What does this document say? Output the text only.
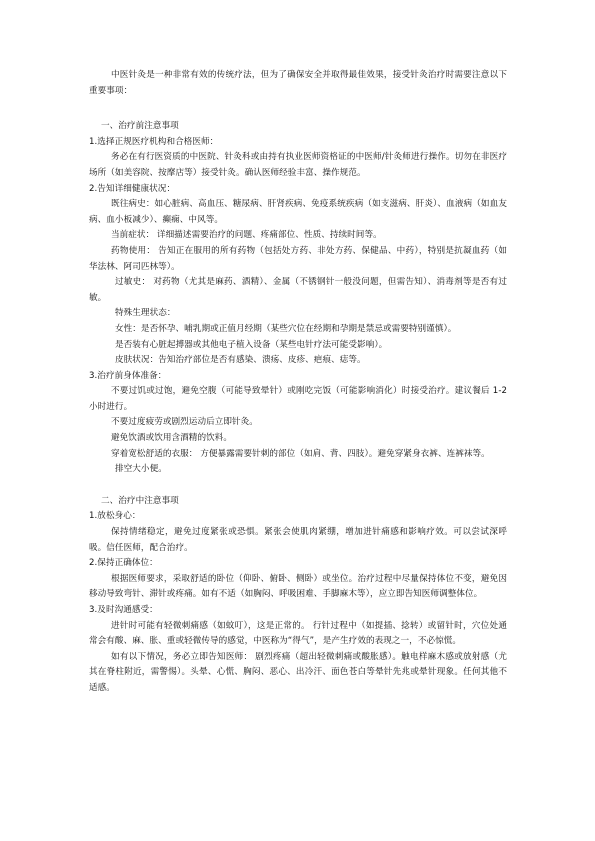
中医针灸是一种非常有效的传统疗法，但为了确保安全并取得最佳效果，接受针灸治疗时需要注意以下重要事项：

一、治疗前注意事项

1.选择正规医疗机构和合格医师：

务必在有行医资质的中医院、针灸科或由持有执业医师资格证的中医师/针灸师进行操作。切勿在非医疗场所（如美容院、按摩店等）接受针灸。确认医师经验丰富、操作规范。

2.告知详细健康状况：

既往病史：如心脏病、高血压、糖尿病、肝肾疾病、免疫系统疾病（如支滋病、肝炎）、血液病（如血友病、血小板减少）、癫痫、中风等。

当前症状： 详细描述需要治疗的问题、疼痛部位、性质、持续时间等。

药物使用： 告知正在服用的所有药物（包括处方药、非处方药、保健品、中药），特别是抗凝血药（如华法林、阿司匹林等）。

过敏史： 对药物（尤其是麻药、酒精）、金属（不锈钢针一般没问题，但需告知）、消毒剂等是否有过敏。

特殊生理状态：

女性：是否怀孕、哺乳期或正值月经期（某些穴位在经期和孕期是禁忌或需要特别谨慎）。

是否装有心脏起搏器或其他电子植入设备（某些电针疗法可能受影响）。

皮肤状况：告知治疗部位是否有感染、溃疡、皮疹、疤痕、痣等。

3.治疗前身体准备：

不要过饥或过饱，避免空腹（可能导致晕针）或刚吃完饭（可能影响消化）时接受治疗。建议餐后 1-2 小时进行。

不要过度疲劳或剧烈运动后立即针灸。

避免饮酒或饮用含酒精的饮料。

穿着宽松舒适的衣服： 方便暴露需要针刺的部位（如肩、背、四肢）。避免穿紧身衣裤、连裤袜等。

排空大小便。

二、治疗中注意事项

1.放松身心：

保持情绪稳定，避免过度紧张或恐惧。紧张会使肌肉紧绷，增加进针痛感和影响疗效。可以尝试深呼吸。信任医师，配合治疗。

2.保持正确体位：

根据医师要求，采取舒适的卧位（仰卧、俯卧、侧卧）或坐位。治疗过程中尽量保持体位不变，避免因移动导致弯针、滞针或疼痛。如有不适（如胸闷、呼吸困难、手脚麻木等），应立即告知医师调整体位。

3.及时沟通感受：

进针时可能有轻微刺痛感（如蚊叮），这是正常的。 行针过程中（如提插、捻转）或留针时，穴位处通常会有酸、麻、胀、重或轻微传导的感觉，中医称为“得气”，是产生疗效的表现之一，不必惊慌。

如有以下情况，务必立即告知医师： 剧烈疼痛（超出轻微刺痛或酸胀感）。触电样麻木感或放射感（尤其在脊柱附近，需警惕）。头晕、心慌、胸闷、恶心、出冷汗、面色苍白等晕针先兆或晕针现象。任何其他不适感。
